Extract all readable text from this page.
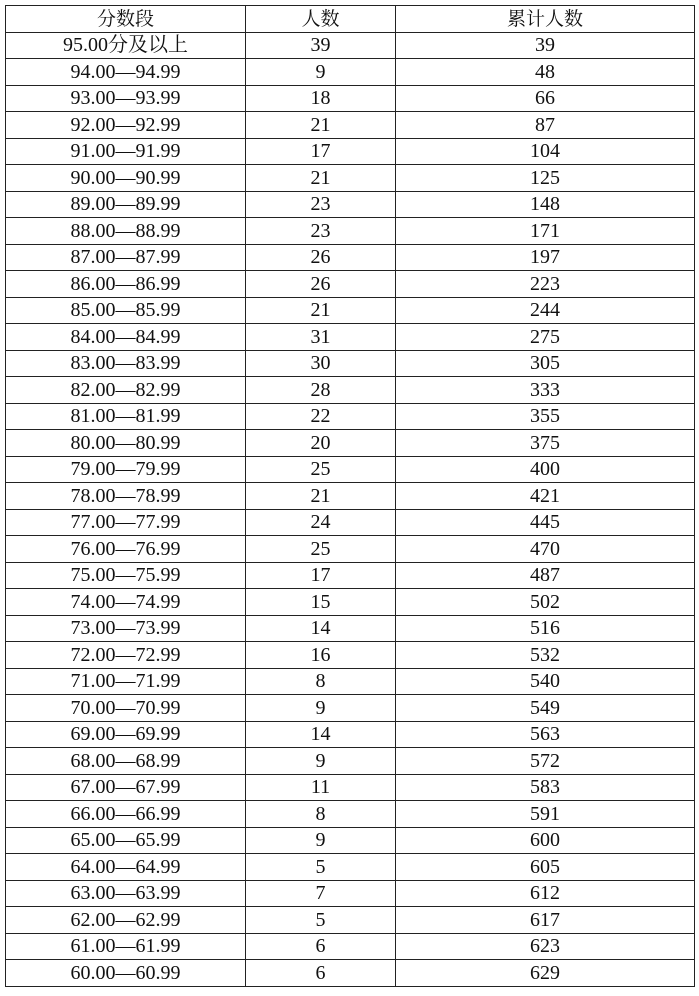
分数段	人数	累计人数
95.00分及以上	39	39
94.00—94.99	9	48
93.00—93.99	18	66
92.00—92.99	21	87
91.00—91.99	17	104
90.00—90.99	21	125
89.00—89.99	23	148
88.00—88.99	23	171
87.00—87.99	26	197
86.00—86.99	26	223
85.00—85.99	21	244
84.00—84.99	31	275
83.00—83.99	30	305
82.00—82.99	28	333
81.00—81.99	22	355
80.00—80.99	20	375
79.00—79.99	25	400
78.00—78.99	21	421
77.00—77.99	24	445
76.00—76.99	25	470
75.00—75.99	17	487
74.00—74.99	15	502
73.00—73.99	14	516
72.00—72.99	16	532
71.00—71.99	8	540
70.00—70.99	9	549
69.00—69.99	14	563
68.00—68.99	9	572
67.00—67.99	11	583
66.00—66.99	8	591
65.00—65.99	9	600
64.00—64.99	5	605
63.00—63.99	7	612
62.00—62.99	5	617
61.00—61.99	6	623
60.00—60.99	6	629
